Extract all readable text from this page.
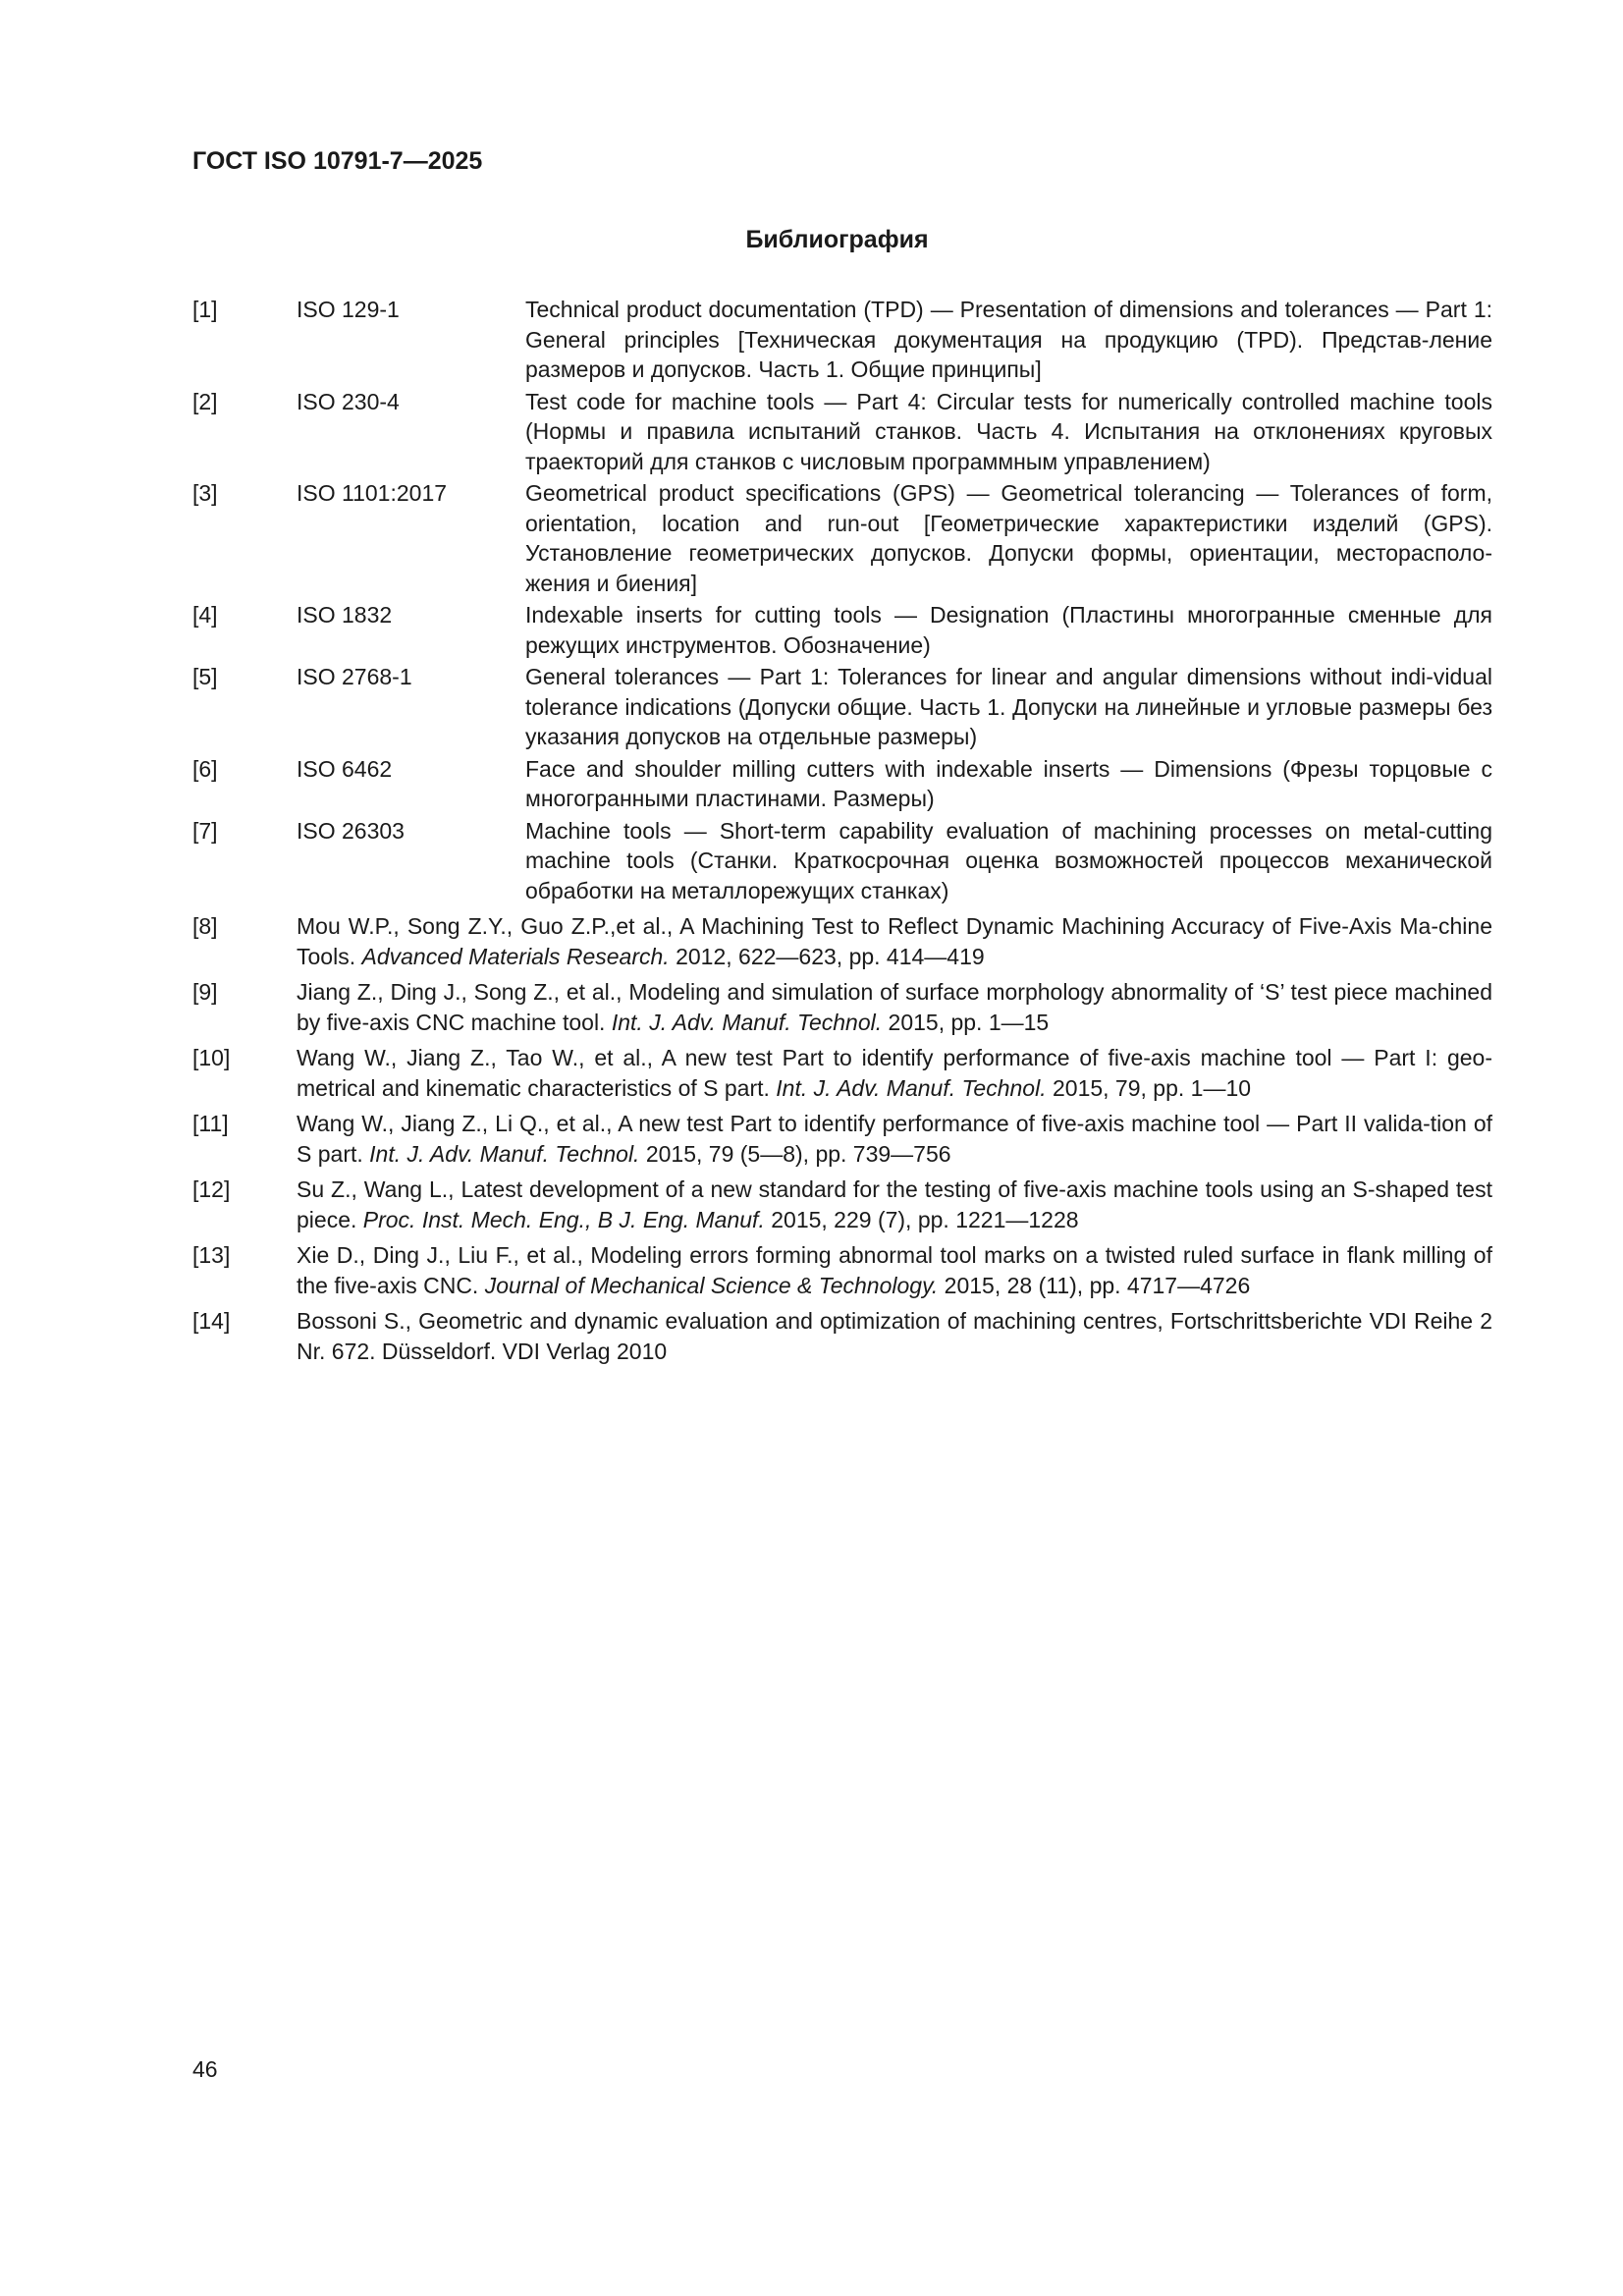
ГОСТ ISO 10791-7—2025
Библиография
[1]	ISO 129-1	Technical product documentation (TPD) — Presentation of dimensions and tolerances — Part 1: General principles [Техническая документация на продукцию (TPD). Представ-ление размеров и допусков. Часть 1. Общие принципы]
[2]	ISO 230-4	Test code for machine tools — Part 4: Circular tests for numerically controlled machine tools (Нормы и правила испытаний станков. Часть 4. Испытания на отклонениях круговых траекторий для станков с числовым программным управлением)
[3]	ISO 1101:2017	Geometrical product specifications (GPS) — Geometrical tolerancing — Tolerances of form, orientation, location and run-out [Геометрические характеристики изделий (GPS). Установление геометрических допусков. Допуски формы, ориентации, месторасполо-жения и биения]
[4]	ISO 1832	Indexable inserts for cutting tools — Designation (Пластины многогранные сменные для режущих инструментов. Обозначение)
[5]	ISO 2768-1	General tolerances — Part 1: Tolerances for linear and angular dimensions without indi-vidual tolerance indications (Допуски общие. Часть 1. Допуски на линейные и угловые размеры без указания допусков на отдельные размеры)
[6]	ISO 6462	Face and shoulder milling cutters with indexable inserts — Dimensions (Фрезы торцовые с многогранными пластинами. Размеры)
[7]	ISO 26303	Machine tools — Short-term capability evaluation of machining processes on metal-cutting machine tools (Станки. Краткосрочная оценка возможностей процессов механической обработки на металлорежущих станках)
[8]	Mou W.P., Song Z.Y., Guo Z.P.,et al., A Machining Test to Reflect Dynamic Machining Accuracy of Five-Axis Ma-chine Tools. Advanced Materials Research. 2012, 622—623, pp. 414—419
[9]	Jiang Z., Ding J., Song Z., et al., Modeling and simulation of surface morphology abnormality of ‘S’ test piece machined by five-axis CNC machine tool. Int. J. Adv. Manuf. Technol. 2015, pp. 1—15
[10]	Wang W., Jiang Z., Tao W., et al., A new test Part to identify performance of five-axis machine tool — Part I: geo-metrical and kinematic characteristics of S part. Int. J. Adv. Manuf. Technol. 2015, 79, pp. 1—10
[11]	Wang W., Jiang Z., Li Q., et al., A new test Part to identify performance of five-axis machine tool — Part II valida-tion of S part. Int. J. Adv. Manuf. Technol. 2015, 79 (5—8), pp. 739—756
[12]	Su Z., Wang L., Latest development of a new standard for the testing of five-axis machine tools using an S-shaped test piece. Proc. Inst. Mech. Eng., B J. Eng. Manuf. 2015, 229 (7), pp. 1221—1228
[13]	Xie D., Ding J., Liu F., et al., Modeling errors forming abnormal tool marks on a twisted ruled surface in flank milling of the five-axis CNC. Journal of Mechanical Science & Technology. 2015, 28 (11), pp. 4717—4726
[14]	Bossoni S., Geometric and dynamic evaluation and optimization of machining centres, Fortschrittsberichte VDI Reihe 2 Nr. 672. Düsseldorf. VDI Verlag 2010
46
